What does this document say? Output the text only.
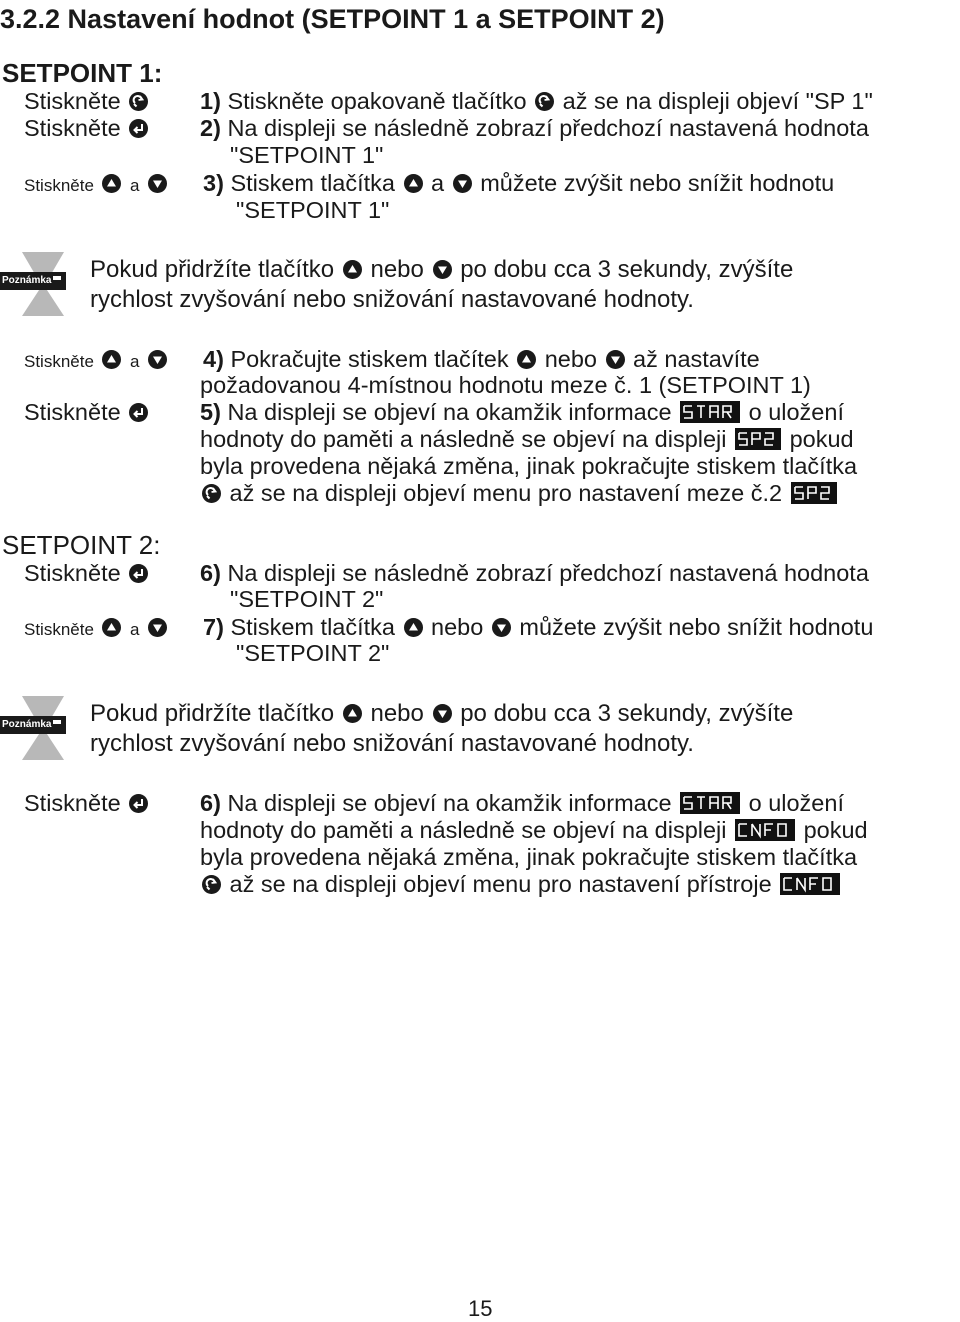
3.2.2 Nastavení hodnot (SETPOINT 1 a SETPOINT 2)
SETPOINT 1:
Stiskněte	1) Stiskněte opakovaně tlačítko až se na displeji objeví "SP 1"
Stiskněte	2) Na displeji se následně zobrazí předchozí nastavená hodnota
"SETPOINT 1"
Stiskněte a	3) Stiskem tlačítka a můžete zvýšit nebo snížit hodnotu
"SETPOINT 1"
Poznámka Pokud přidržíte tlačítko nebo po dobu cca 3 sekundy, zvýšíte
rychlost zvyšování nebo snižování nastavované hodnoty.
Stiskněte a	4) Pokračujte stiskem tlačítek nebo až nastavíte
požadovanou 4-místnou hodnotu meze č. 1 (SETPOINT 1)
Stiskněte	5) Na displeji se objeví na okamžik informace	o uložení
hodnoty do paměti a následně se objeví na displeji	pokud
byla provedena nějaká změna, jinak pokračujte stiskem tlačítka
až se na displeji objeví menu pro nastavení meze č.2
SETPOINT 2:
Stiskněte	6) Na displeji se následně zobrazí předchozí nastavená hodnota
"SETPOINT 2"
Stiskněte a	7) Stiskem tlačítka nebo můžete zvýšit nebo snížit hodnotu
"SETPOINT 2"
Poznámka Pokud přidržíte tlačítko nebo po dobu cca 3 sekundy, zvýšíte
rychlost zvyšování nebo snižování nastavované hodnoty.
Stiskněte	6) Na displeji se objeví na okamžik informace	o uložení
hodnoty do paměti a následně se objeví na displeji	pokud
byla provedena nějaká změna, jinak pokračujte stiskem tlačítka
až se na displeji objeví menu pro nastavení přístroje
15
